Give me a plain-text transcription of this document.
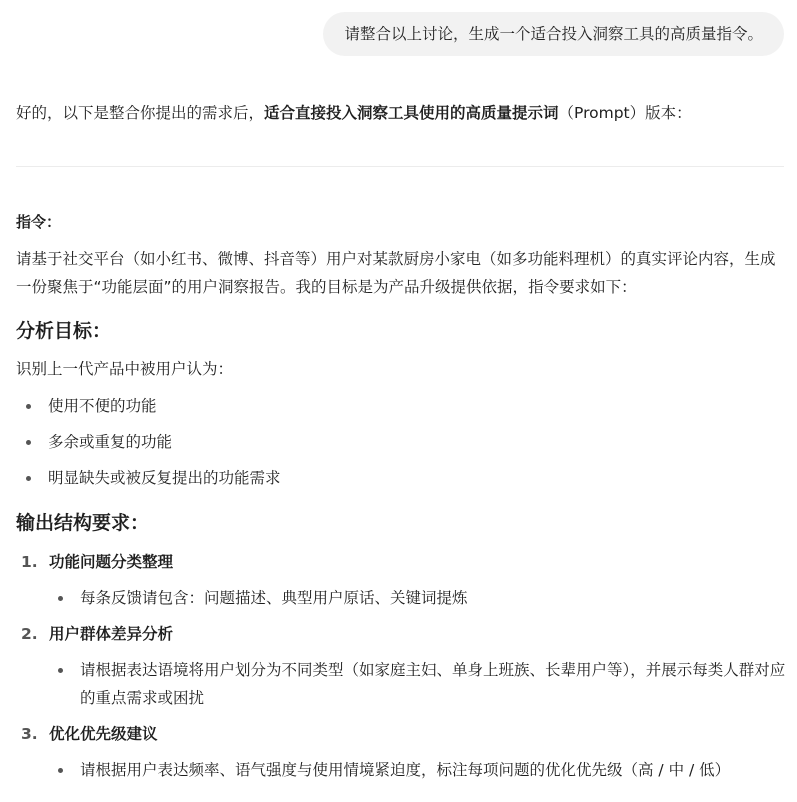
请整合以上讨论，生成一个适合投入洞察工具的高质量指令。
好的，以下是整合你提出的需求后，适合直接投入洞察工具使用的高质量提示词（Prompt）版本：
指令：
请基于社交平台（如小红书、微博、抖音等）用户对某款厨房小家电（如多功能料理机）的真实评论内容，生成一份聚焦于“功能层面”的用户洞察报告。我的目标是为产品升级提供依据，指令要求如下：
分析目标：
识别上一代产品中被用户认为：
使用不便的功能
多余或重复的功能
明显缺失或被反复提出的功能需求
输出结构要求：
1. 功能问题分类整理
每条反馈请包含：问题描述、典型用户原话、关键词提炼
2. 用户群体差异分析
请根据表达语境将用户划分为不同类型（如家庭主妇、单身上班族、长辈用户等），并展示每类人群对应的重点需求或困扰
3. 优化优先级建议
请根据用户表达频率、语气强度与使用情境紧迫度，标注每项问题的优化优先级（高 / 中 / 低）
